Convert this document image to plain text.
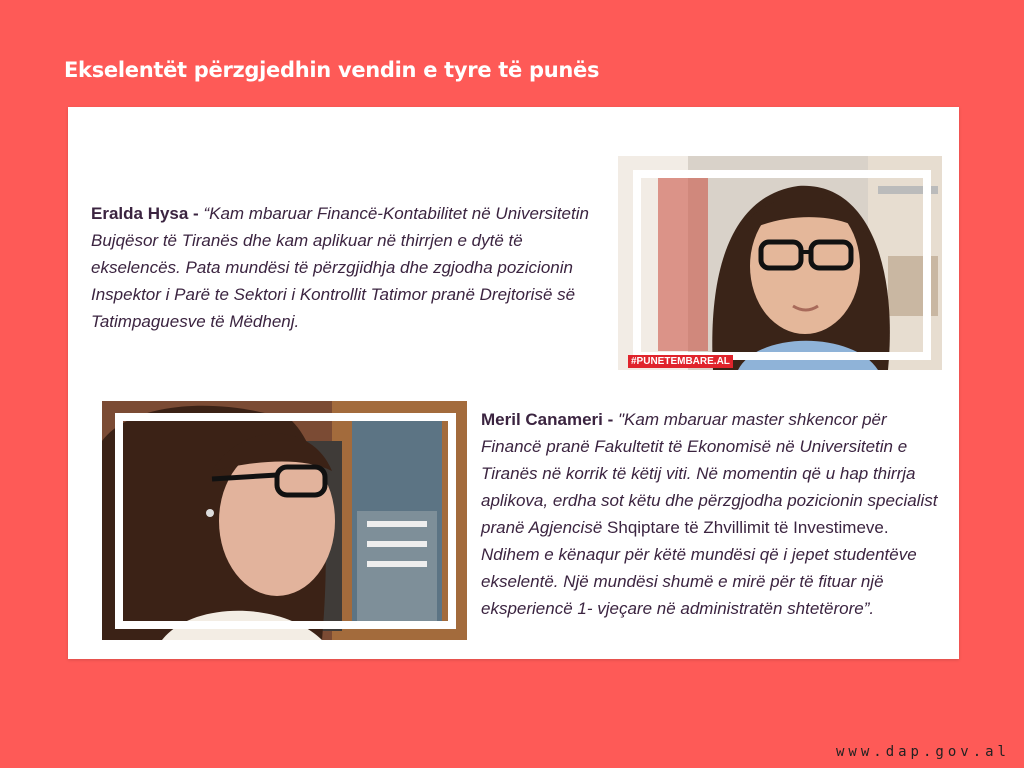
Ekselentët përzgjedhin vendin e tyre të punës

Eralda Hysa - “Kam mbaruar Financë-Kontabilitet në Universitetin Bujqësor të Tiranës dhe kam aplikuar në thirrjen e dytë të ekselencës. Pata mundësi të përzgjidhja dhe zgjodha pozicionin Inspektor i Parë te Sektori i Kontrollit Tatimor pranë Drejtorisë së Tatimpaguesve të Mëdhenj.

#PUNETEMBARE.AL

Meril Canameri - "Kam mbaruar master shkencor për Financë pranë Fakultetit të Ekonomisë në Universitetin e Tiranës në korrik të këtij viti. Në momentin që u hap thirrja aplikova, erdha sot këtu dhe përzgjodha pozicionin specialist pranë Agjencisë Shqiptare të Zhvillimit të Investimeve. Ndihem e kënaqur për këtë mundësi që i jepet studentëve ekselentë. Një mundësi shumë e mirë për të fituar një eksperiencë 1- vjeçare në administratën shtetërore”.

www.dap.gov.al
